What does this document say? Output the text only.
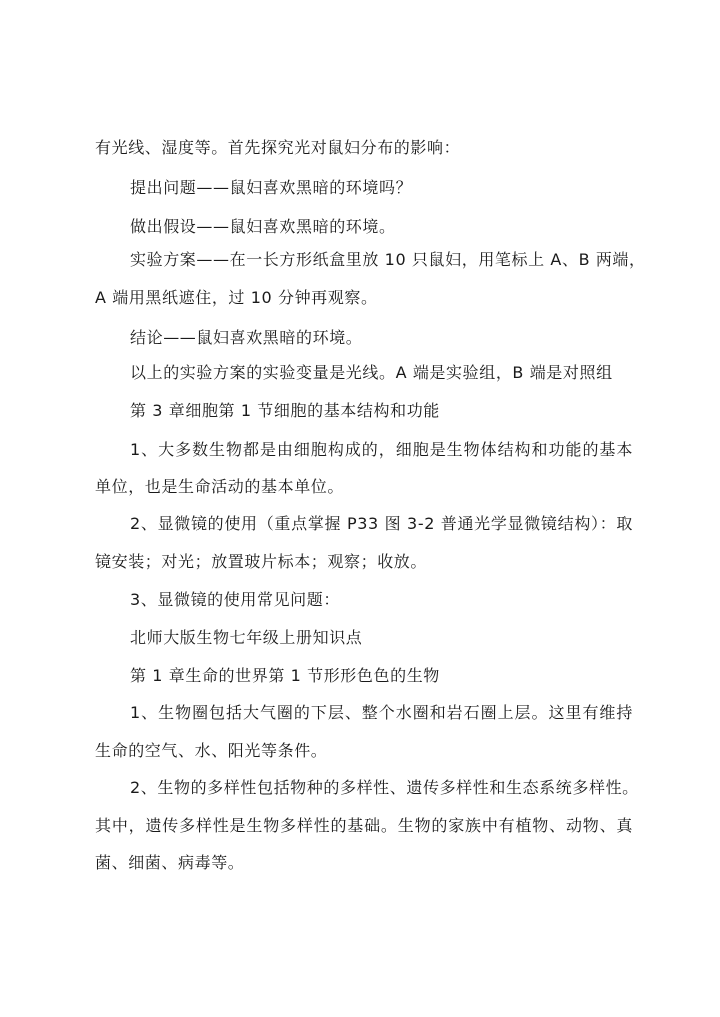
有光线、湿度等。首先探究光对鼠妇分布的影响：
提出问题——鼠妇喜欢黑暗的环境吗？
做出假设——鼠妇喜欢黑暗的环境。
实验方案——在一长方形纸盒里放 10 只鼠妇，用笔标上 A、B 两端，
A 端用黑纸遮住，过 10 分钟再观察。
结论——鼠妇喜欢黑暗的环境。
以上的实验方案的实验变量是光线。A 端是实验组，B 端是对照组
第 3 章细胞第 1 节细胞的基本结构和功能
1、大多数生物都是由细胞构成的，细胞是生物体结构和功能的基本
单位，也是生命活动的基本单位。
2、显微镜的使用（重点掌握 P33 图 3-2 普通光学显微镜结构）：取
镜安装；对光；放置玻片标本；观察；收放。
3、显微镜的使用常见问题：
北师大版生物七年级上册知识点
第 1 章生命的世界第 1 节形形色色的生物
1、生物圈包括大气圈的下层、整个水圈和岩石圈上层。这里有维持
生命的空气、水、阳光等条件。
2、生物的多样性包括物种的多样性、遗传多样性和生态系统多样性。
其中，遗传多样性是生物多样性的基础。生物的家族中有植物、动物、真
菌、细菌、病毒等。
